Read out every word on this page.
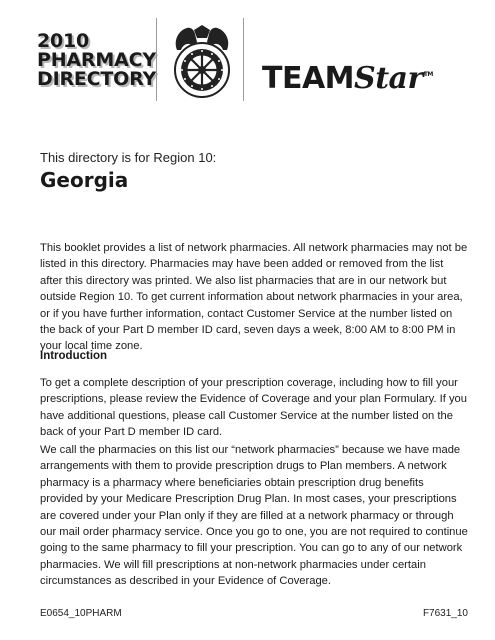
2010
PHARMACY
DIRECTORY	TEAMStar™
This directory is for Region 10:
Georgia

This booklet provides a list of network pharmacies. All network pharmacies may not be listed in this directory. Pharmacies may have been added or removed from the list after this directory was printed. We also list pharmacies that are in our network but outside Region 10. To get current information about network pharmacies in your area, or if you have further information, contact Customer Service at the number listed on the back of your Part D member ID card, seven days a week, 8:00 AM to 8:00 PM in your local time zone.

Introduction

To get a complete description of your prescription coverage, including how to fill your prescriptions, please review the Evidence of Coverage and your plan Formulary. If you have additional questions, please call Customer Service at the number listed on the back of your Part D member ID card.

We call the pharmacies on this list our “network pharmacies” because we have made arrangements with them to provide prescription drugs to Plan members. A network pharmacy is a pharmacy where beneficiaries obtain prescription drug benefits provided by your Medicare Prescription Drug Plan. In most cases, your prescriptions are covered under your Plan only if they are filled at a network pharmacy or through our mail order pharmacy service. Once you go to one, you are not required to continue going to the same pharmacy to fill your prescription. You can go to any of our network pharmacies. We will fill prescriptions at non-network pharmacies under certain circumstances as described in your Evidence of Coverage.

E0654_10PHARM	F7631_10
